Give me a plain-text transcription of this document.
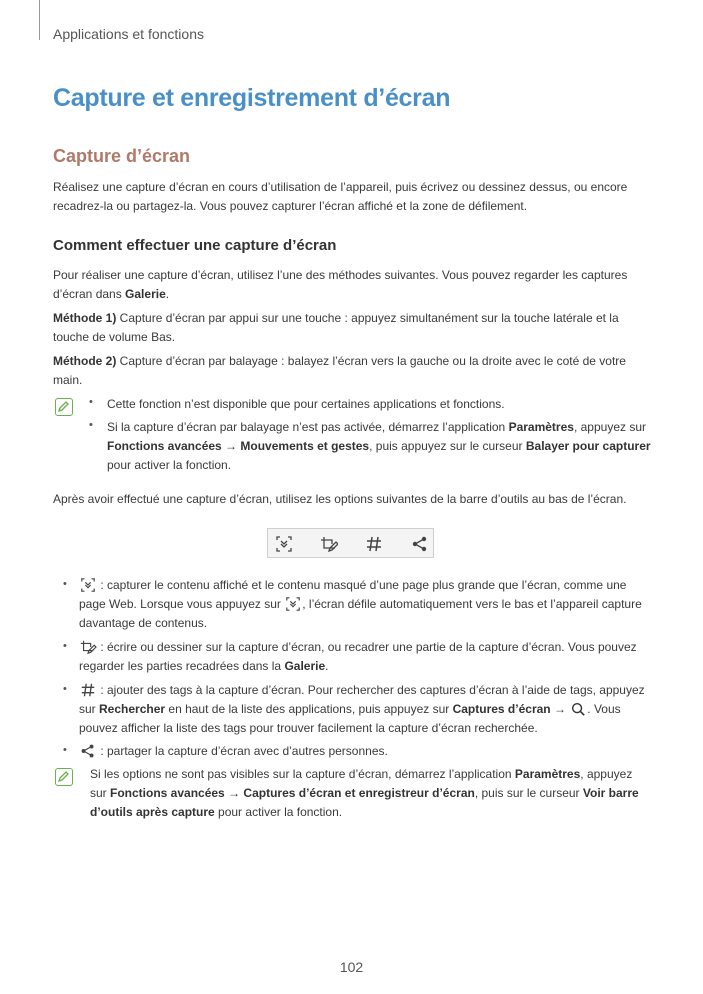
Applications et fonctions
Capture et enregistrement d’écran
Capture d’écran
Réalisez une capture d’écran en cours d’utilisation de l’appareil, puis écrivez ou dessinez dessus, ou encore recadrez-la ou partagez-la. Vous pouvez capturer l’écran affiché et la zone de défilement.
Comment effectuer une capture d’écran
Pour réaliser une capture d’écran, utilisez l’une des méthodes suivantes. Vous pouvez regarder les captures d’écran dans Galerie.
Méthode 1) Capture d’écran par appui sur une touche : appuyez simultanément sur la touche latérale et la touche de volume Bas.
Méthode 2) Capture d’écran par balayage : balayez l’écran vers la gauche ou la droite avec le coté de votre main.
• Cette fonction n’est disponible que pour certaines applications et fonctions.
• Si la capture d’écran par balayage n’est pas activée, démarrez l’application Paramètres, appuyez sur Fonctions avancées → Mouvements et gestes, puis appuyez sur le curseur Balayer pour capturer pour activer la fonction.
Après avoir effectué une capture d’écran, utilisez les options suivantes de la barre d’outils au bas de l’écran.
•	: capturer le contenu affiché et le contenu masqué d’une page plus grande que l’écran, comme une page Web. Lorsque vous appuyez sur , l’écran défile automatiquement vers le bas et l’appareil capture davantage de contenus.
•	: écrire ou dessiner sur la capture d’écran, ou recadrer une partie de la capture d’écran. Vous pouvez regarder les parties recadrées dans la Galerie.
•	: ajouter des tags à la capture d’écran. Pour rechercher des captures d’écran à l’aide de tags, appuyez sur Rechercher en haut de la liste des applications, puis appuyez sur Captures d’écran → . Vous pouvez afficher la liste des tags pour trouver facilement la capture d’écran recherchée.
•	: partager la capture d’écran avec d’autres personnes.
Si les options ne sont pas visibles sur la capture d’écran, démarrez l’application Paramètres, appuyez sur Fonctions avancées → Captures d’écran et enregistreur d’écran, puis sur le curseur Voir barre d’outils après capture pour activer la fonction.
102
